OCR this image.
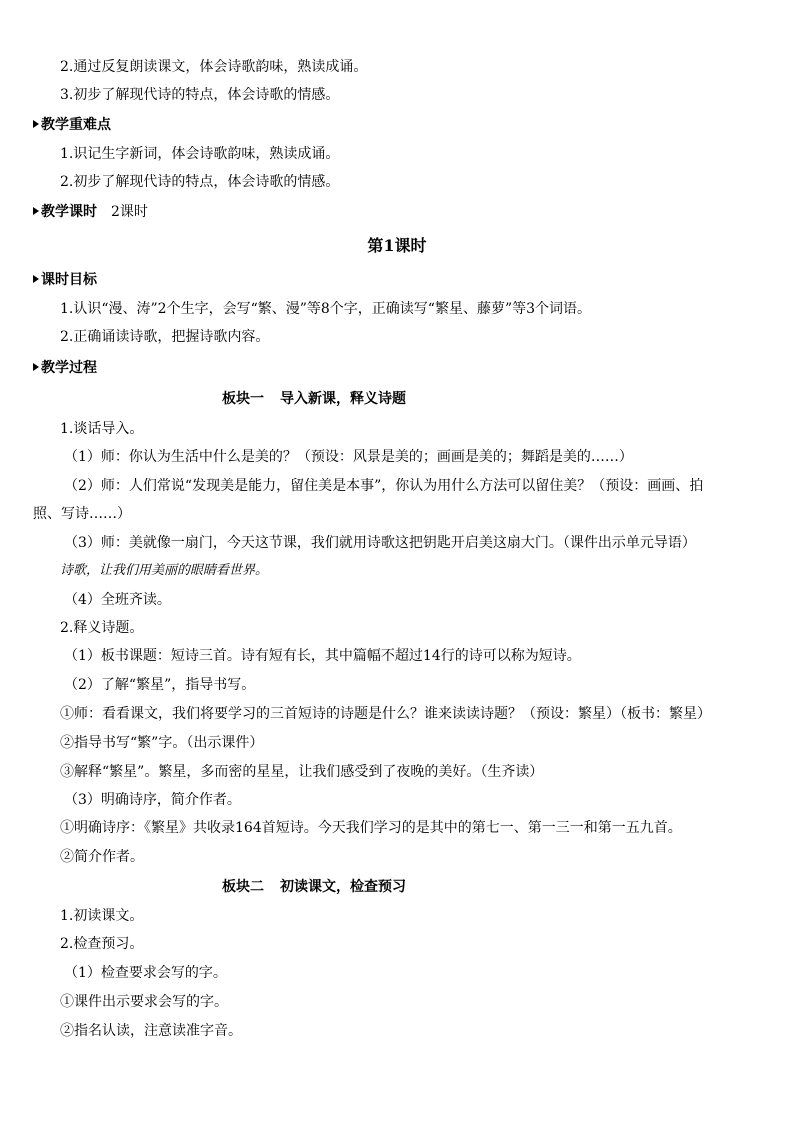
2.通过反复朗读课文，体会诗歌韵味，熟读成诵。
3.初步了解现代诗的特点，体会诗歌的情感。
教学重难点
1.识记生字新词，体会诗歌韵味，熟读成诵。
2.初步了解现代诗的特点，体会诗歌的情感。
教学课时 2课时
第1课时
课时目标
1.认识“漫、涛”2个生字，会写“繁、漫”等8个字，正确读写“繁星、藤萝”等3个词语。
2.正确诵读诗歌，把握诗歌内容。
教学过程
板块一 导入新课，释义诗题
1.谈话导入。
（1）师：你认为生活中什么是美的？（预设：风景是美的；画画是美的；舞蹈是美的……）
（2）师：人们常说“发现美是能力，留住美是本事”，你认为用什么方法可以留住美？（预设：画画、拍
照、写诗……）
（3）师：美就像一扇门，今天这节课，我们就用诗歌这把钥匙开启美这扇大门。（课件出示单元导语）
诗歌，让我们用美丽的眼睛看世界。
（4）全班齐读。
2.释义诗题。
（1）板书课题：短诗三首。诗有短有长，其中篇幅不超过14行的诗可以称为短诗。
（2）了解“繁星”，指导书写。
①师：看看课文，我们将要学习的三首短诗的诗题是什么？谁来读读诗题？（预设：繁星）（板书：繁星）
②指导书写“繁”字。（出示课件）
③解释“繁星”。繁星，多而密的星星，让我们感受到了夜晚的美好。（生齐读）
（3）明确诗序，简介作者。
①明确诗序：《繁星》共收录164首短诗。今天我们学习的是其中的第七一、第一三一和第一五九首。
②简介作者。
板块二 初读课文，检查预习
1.初读课文。
2.检查预习。
（1）检查要求会写的字。
①课件出示要求会写的字。
②指名认读，注意读准字音。
